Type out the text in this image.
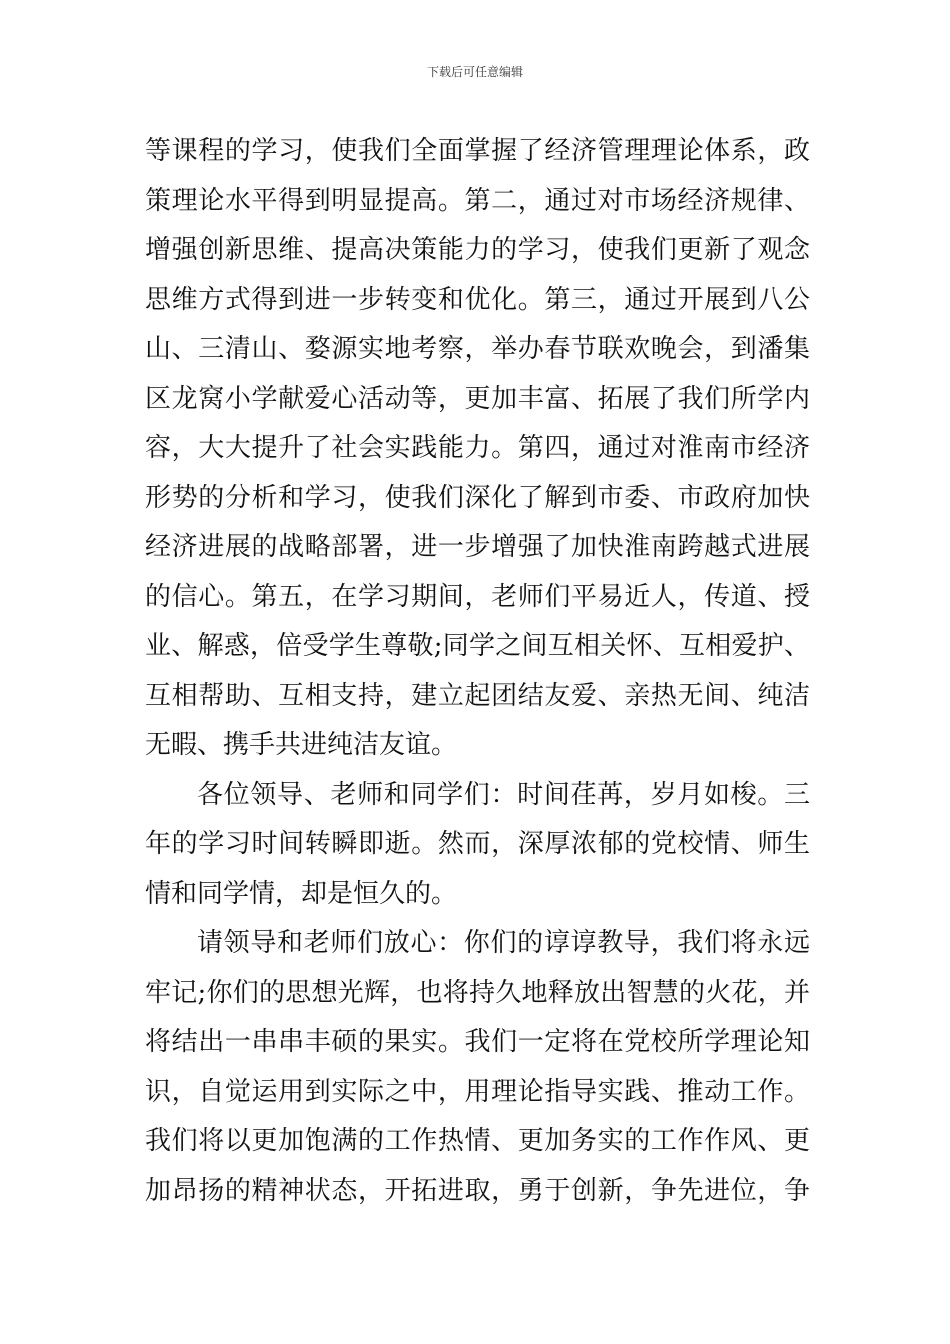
下载后可任意编辑
等课程的学习，使我们全面掌握了经济管理理论体系，政
策理论水平得到明显提高。第二，通过对市场经济规律、
增强创新思维、提高决策能力的学习，使我们更新了观念
思维方式得到进一步转变和优化。第三，通过开展到八公
山、三清山、婺源实地考察，举办春节联欢晚会，到潘集
区龙窝小学献爱心活动等，更加丰富、拓展了我们所学内
容，大大提升了社会实践能力。第四，通过对淮南市经济
形势的分析和学习，使我们深化了解到市委、市政府加快
经济进展的战略部署，进一步增强了加快淮南跨越式进展
的信心。第五，在学习期间，老师们平易近人，传道、授
业、解惑，倍受学生尊敬;同学之间互相关怀、互相爱护、
互相帮助、互相支持，建立起团结友爱、亲热无间、纯洁
无暇、携手共进纯洁友谊。
各位领导、老师和同学们：时间荏苒，岁月如梭。三
年的学习时间转瞬即逝。然而，深厚浓郁的党校情、师生
情和同学情，却是恒久的。
请领导和老师们放心：你们的谆谆教导，我们将永远
牢记;你们的思想光辉，也将持久地释放出智慧的火花，并
将结出一串串丰硕的果实。我们一定将在党校所学理论知
识，自觉运用到实际之中，用理论指导实践、推动工作。
我们将以更加饱满的工作热情、更加务实的工作作风、更
加昂扬的精神状态，开拓进取，勇于创新，争先进位，争
